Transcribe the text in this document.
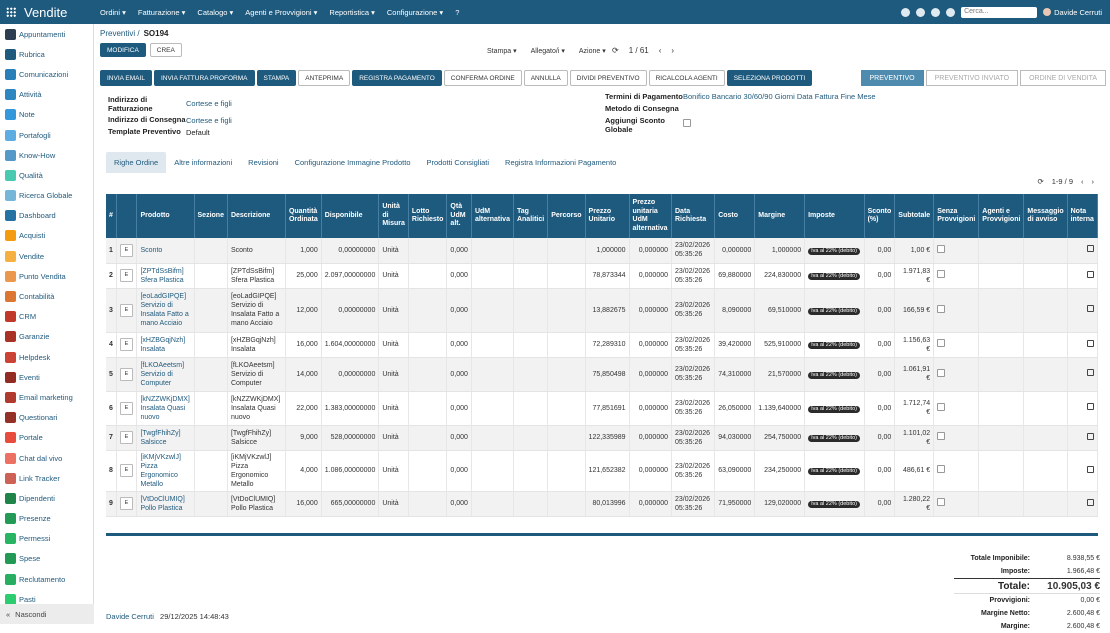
Vendite	Ordini ▾	Fatturazione ▾	Catalogo ▾	Agenti e Provvigioni ▾	Reportistica ▾	Configurazione ▾	?	Cerca...	Davide Cerruti
Appuntamenti
Rubrica
Comunicazioni
Attività
Note
Portafogli
Know-How
Qualità
Ricerca Globale
Dashboard
Acquisti
Vendite
Punto Vendita
Contabilità
CRM
Garanzie
Helpdesk
Eventi
Email marketing
Questionari
Portale
Chat dal vivo
Link Tracker
Dipendenti
Presenze
Permessi
Spese
Reclutamento
Pasti
« Nascondi
Preventivi / SO194
MODIFICA	CREA	Stampa ▾ Allegato/i ▾ Azione ▾ ⟳ 1 / 61 ‹ ›
INVIA EMAIL	INVIA FATTURA PROFORMA	STAMPA	ANTEPRIMA	REGISTRA PAGAMENTO	CONFERMA ORDINE	ANNULLA	DIVIDI PREVENTIVO	RICALCOLA AGENTI	SELEZIONA PRODOTTI	PREVENTIVO	PREVENTIVO INVIATO	ORDINE DI VENDITA
Indirizzo di Fatturazione
Cortese e figli
Indirizzo di Consegna Cortese e figli
Template Preventivo Default
Termini di Pagamento Bonifico Bancario 30/60/90 Giorni Data Fattura Fine Mese
Metodo di Consegna
Aggiungi Sconto Globale
Righe Ordine	Altre informazioni	Revisioni	Configurazione Immagine Prodotto	Prodotti Consigliati	Registra Informazioni Pagamento
⟳ 1-9 / 9 ‹ ›
#		Prodotto	Sezione	Descrizione	Quantità Ordinata	Disponibile	Unità di Misura	Lotto Richiesto	Qtà UdM alt.	UdM alternativa	Tag Analitici	Percorso	Prezzo Unitario	Prezzo unitaria UdM alternativa	Data Richiesta	Costo	Margine	Imposte	Sconto (%)	Subtotale	Senza Provvigioni	Agenti e Provvigioni	Messaggio di avviso	Nota interna
1	E	Sconto		Sconto	1,000	0,00000000	Unità		0,000				1,000000	0,000000	23/02/2026 05:35:26	0,000000	1,000000	Iva al 22% (debito)	0,00	1,00 €				
2	E	[ZPTdSsBifm] Sfera Plastica		[ZPTdSsBifm] Sfera Plastica	25,000	2.097,00000000	Unità		0,000				78,873344	0,000000	23/02/2026 05:35:26	69,880000	224,830000	Iva al 22% (debito)	0,00	1.971,83 €				
3	E	[eoLadGIPQE] Servizio di Insalata Fatto a mano Acciaio		[eoLadGIPQE] Servizio di Insalata Fatto a mano Acciaio	12,000	0,00000000	Unità		0,000				13,882675	0,000000	23/02/2026 05:35:26	8,090000	69,510000	Iva al 22% (debito)	0,00	166,59 €				
4	E	[xHZBGqjNzh] Insalata		[xHZBGqjNzh] Insalata	16,000	1.604,00000000	Unità		0,000				72,289310	0,000000	23/02/2026 05:35:26	39,420000	525,910000	Iva al 22% (debito)	0,00	1.156,63 €				
5	E	[fLKOAeetsm] Servizio di Computer		[fLKOAeetsm] Servizio di Computer	14,000	0,00000000	Unità		0,000				75,850498	0,000000	23/02/2026 05:35:26	74,310000	21,570000	Iva al 22% (debito)	0,00	1.061,91 €				
6	E	[kNZZWKjDMX] Insalata Quasi nuovo		[kNZZWKjDMX] Insalata Quasi nuovo	22,000	1.383,00000000	Unità		0,000				77,851691	0,000000	23/02/2026 05:35:26	26,050000	1.139,640000	Iva al 22% (debito)	0,00	1.712,74 €				
7	E	[TwgfFhihZy] Salsicce		[TwgfFhihZy] Salsicce	9,000	528,00000000	Unità		0,000				122,335989	0,000000	23/02/2026 05:35:26	94,030000	254,750000	Iva al 22% (debito)	0,00	1.101,02 €				
8	E	[iKMjVKzwlJ] Pizza Ergonomico Metallo		[iKMjVKzwlJ] Pizza Ergonomico Metallo	4,000	1.086,00000000	Unità		0,000				121,652382	0,000000	23/02/2026 05:35:26	63,090000	234,250000	Iva al 22% (debito)	0,00	486,61 €				
9	E	[VtDoClUMIQ] Pollo Plastica		[VtDoClUMIQ] Pollo Plastica	16,000	665,00000000	Unità		0,000				80,013996	0,000000	23/02/2026 05:35:26	71,950000	129,020000	Iva al 22% (debito)	0,00	1.280,22 €				
Totale Imponibile:	8.938,55 €
Imposte:	1.966,48 €
Totale:	10.905,03 €
Provvigioni:	0,00 €
Margine Netto:	2.600,48 €
Margine:	2.600,48 €
Davide Cerruti 29/12/2025 14:48:43
